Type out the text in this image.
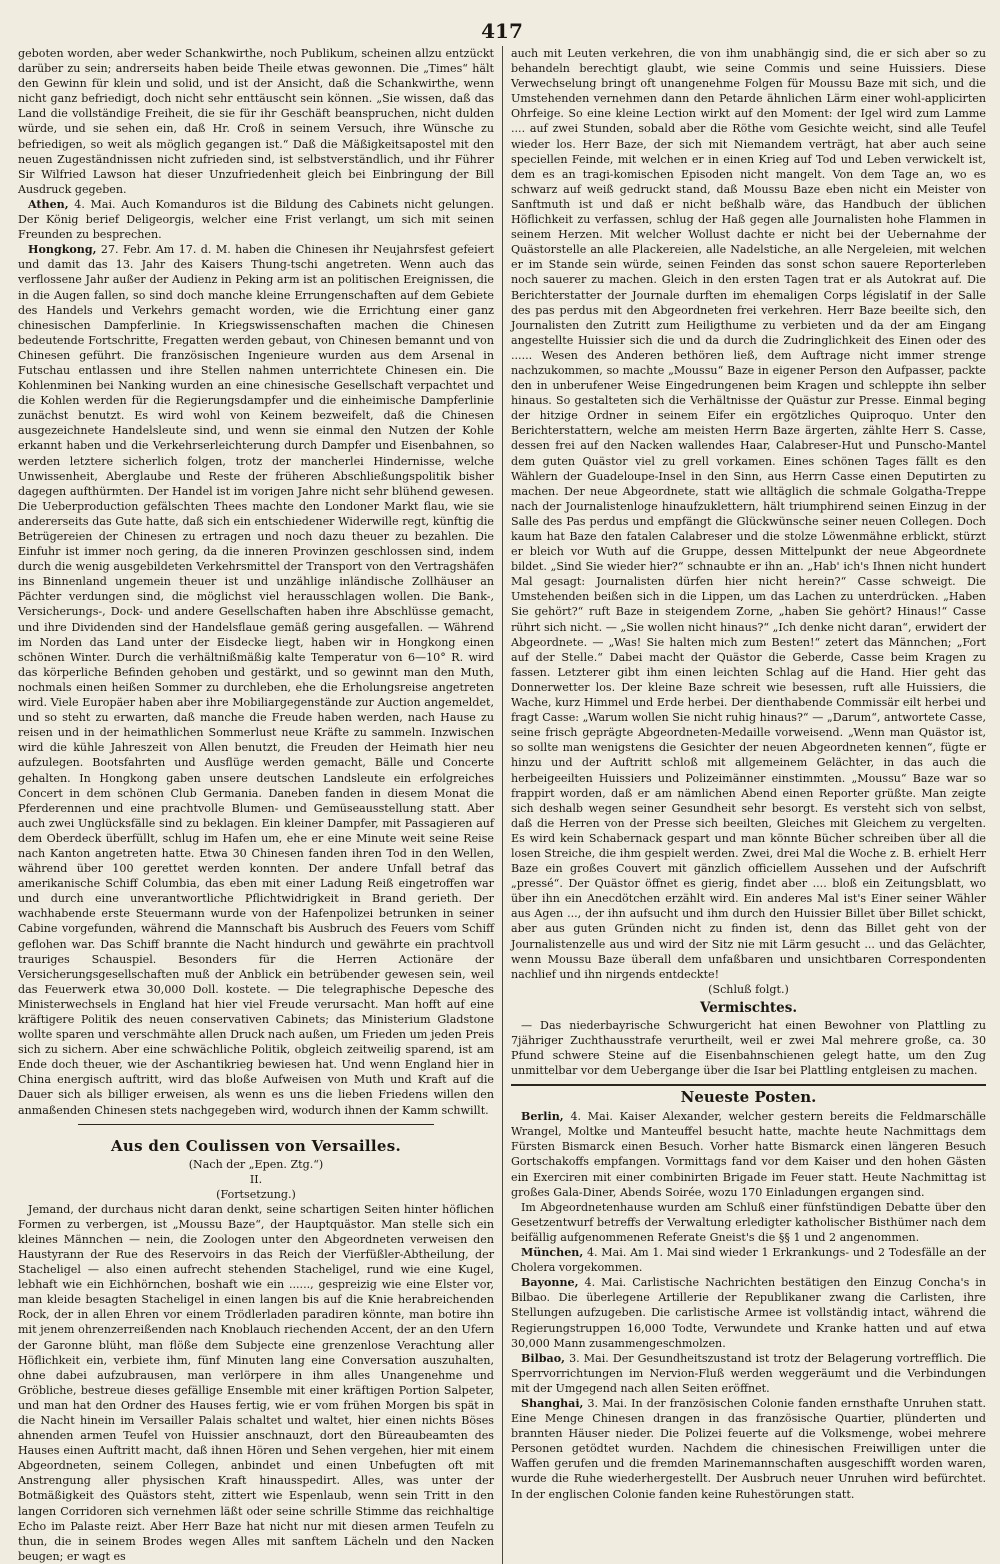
417

geboten worden, aber weder Schankwirthe, noch Publikum, scheinen allzu entzückt darüber zu sein; andrerseits haben beide Theile etwas gewonnen. Die „Times“ hält den Gewinn für klein und solid, und ist der Ansicht, daß die Schankwirthe, wenn nicht ganz befriedigt, doch nicht sehr enttäuscht sein können. „Sie wissen, daß das Land die vollständige Freiheit, die sie für ihr Geschäft beanspruchen, nicht dulden würde, und sie sehen ein, daß Hr. Croß in seinem Versuch, ihre Wünsche zu befriedigen, so weit als möglich gegangen ist.“ Daß die Mäßigkeitsapostel mit den neuen Zugeständnissen nicht zufrieden sind, ist selbstverständlich, und ihr Führer Sir Wilfried Lawson hat dieser Unzufriedenheit gleich bei Einbringung der Bill Ausdruck gegeben.

Athen, 4. Mai. Auch Komanduros ist die Bildung des Cabinets nicht gelungen. Der König berief Deligeorgis, welcher eine Frist verlangt, um sich mit seinen Freunden zu besprechen.

Hongkong, 27. Febr. Am 17. d. M. haben die Chinesen ihr Neujahrsfest gefeiert und damit das 13. Jahr des Kaisers Thung-tschi angetreten. Wenn auch das verflossene Jahr außer der Audienz in Peking arm ist an politischen Ereignissen, die in die Augen fallen, so sind doch manche kleine Errungenschaften auf dem Gebiete des Handels und Verkehrs gemacht worden, wie die Errichtung einer ganz chinesischen Dampferlinie. In Kriegswissenschaften machen die Chinesen bedeutende Fortschritte, Fregatten werden gebaut, von Chinesen bemannt und von Chinesen geführt. Die französischen Ingenieure wurden aus dem Arsenal in Futschau entlassen und ihre Stellen nahmen unterrichtete Chinesen ein. Die Kohlenminen bei Nanking wurden an eine chinesische Gesellschaft verpachtet und die Kohlen werden für die Regierungsdampfer und die einheimische Dampferlinie zunächst benutzt. Es wird wohl von Keinem bezweifelt, daß die Chinesen ausgezeichnete Handelsleute sind, und wenn sie einmal den Nutzen der Kohle erkannt haben und die Verkehrserleichterung durch Dampfer und Eisenbahnen, so werden letztere sicherlich folgen, trotz der mancherlei Hindernisse, welche Unwissenheit, Aberglaube und Reste der früheren Abschließungspolitik bisher dagegen aufthürmten. Der Handel ist im vorigen Jahre nicht sehr blühend gewesen. Die Ueberproduction gefälschten Thees machte den Londoner Markt flau, wie sie andererseits das Gute hatte, daß sich ein entschiedener Widerwille regt, künftig die Betrügereien der Chinesen zu ertragen und noch dazu theuer zu bezahlen. Die Einfuhr ist immer noch gering, da die inneren Provinzen geschlossen sind, indem durch die wenig ausgebildeten Verkehrsmittel der Transport von den Vertragshäfen ins Binnenland ungemein theuer ist und unzählige inländische Zollhäuser an Pächter verdungen sind, die möglichst viel herausschlagen wollen. Die Bank-, Versicherungs-, Dock- und andere Gesellschaften haben ihre Abschlüsse gemacht, und ihre Dividenden sind der Handelsflaue gemäß gering ausgefallen. — Während im Norden das Land unter der Eisdecke liegt, haben wir in Hongkong einen schönen Winter. Durch die verhältnißmäßig kalte Temperatur von 6—10° R. wird das körperliche Befinden gehoben und gestärkt, und so gewinnt man den Muth, nochmals einen heißen Sommer zu durchleben, ehe die Erholungsreise angetreten wird. Viele Europäer haben aber ihre Mobiliargegenstände zur Auction angemeldet, und so steht zu erwarten, daß manche die Freude haben werden, nach Hause zu reisen und in der heimathlichen Sommerlust neue Kräfte zu sammeln. Inzwischen wird die kühle Jahreszeit von Allen benutzt, die Freuden der Heimath hier neu aufzulegen. Bootsfahrten und Ausflüge werden gemacht, Bälle und Concerte gehalten. In Hongkong gaben unsere deutschen Landsleute ein erfolgreiches Concert in dem schönen Club Germania. Daneben fanden in diesem Monat die Pferderennen und eine prachtvolle Blumen- und Gemüseausstellung statt. Aber auch zwei Unglücksfälle sind zu beklagen. Ein kleiner Dampfer, mit Passagieren auf dem Oberdeck überfüllt, schlug im Hafen um, ehe er eine Minute weit seine Reise nach Kanton angetreten hatte. Etwa 30 Chinesen fanden ihren Tod in den Wellen, während über 100 gerettet werden konnten. Der andere Unfall betraf das amerikanische Schiff Columbia, das eben mit einer Ladung Reiß eingetroffen war und durch eine unverantwortliche Pflichtwidrigkeit in Brand gerieth. Der wachhabende erste Steuermann wurde von der Hafenpolizei betrunken in seiner Cabine vorgefunden, während die Mannschaft bis Ausbruch des Feuers vom Schiff geflohen war. Das Schiff brannte die Nacht hindurch und gewährte ein prachtvoll trauriges Schauspiel. Besonders für die Herren Actionäre der Versicherungsgesellschaften muß der Anblick ein betrübender gewesen sein, weil das Feuerwerk etwa 30,000 Doll. kostete. — Die telegraphische Depesche des Ministerwechsels in England hat hier viel Freude verursacht. Man hofft auf eine kräftigere Politik des neuen conservativen Cabinets; das Ministerium Gladstone wollte sparen und verschmähte allen Druck nach außen, um Frieden um jeden Preis sich zu sichern. Aber eine schwächliche Politik, obgleich zeitweilig sparend, ist am Ende doch theuer, wie der Aschantikrieg bewiesen hat. Und wenn England hier in China energisch auftritt, wird das bloße Aufweisen von Muth und Kraft auf die Dauer sich als billiger erweisen, als wenn es uns die lieben Friedens willen den anmaßenden Chinesen stets nachgegeben wird, wodurch ihnen der Kamm schwillt.

Aus den Coulissen von Versailles.
(Nach der „Epen. Ztg.“)
II.
(Fortsetzung.)

Jemand, der durchaus nicht daran denkt, seine schartigen Seiten hinter höflichen Formen zu verbergen, ist „Moussu Baze“, der Hauptquästor. Man stelle sich ein kleines Männchen — nein, die Zoologen unter den Abgeordneten verweisen den Haustyrann der Rue des Reservoirs in das Reich der Vierfüßler-Abtheilung, der Stacheligel — also einen aufrecht stehenden Stacheligel, rund wie eine Kugel, lebhaft wie ein Eichhörnchen, boshaft wie ein ......, gespreizig wie eine Elster vor, man kleide besagten Stacheligel in einen langen bis auf die Knie herabreichenden Rock, der in allen Ehren vor einem Trödlerladen paradiren könnte, man botire ihn mit jenem ohrenzerreißenden nach Knoblauch riechenden Accent, der an den Ufern der Garonne blüht, man flöße dem Subjecte eine grenzenlose Verachtung aller Höflichkeit ein, verbiete ihm, fünf Minuten lang eine Conversation auszuhalten, ohne dabei aufzubrausen, man verlörpere in ihm alles Unangenehme und Gröbliche, bestreue dieses gefällige Ensemble mit einer kräftigen Portion Salpeter, und man hat den Ordner des Hauses fertig, wie er vom frühen Morgen bis spät in die Nacht hinein im Versailler Palais schaltet und waltet, hier einen nichts Böses ahnenden armen Teufel von Huissier anschnauzt, dort den Büreaubeamten des Hauses einen Auftritt macht, daß ihnen Hören und Sehen vergehen, hier mit einem Abgeordneten, seinem Collegen, anbindet und einen Unbefugten oft mit Anstrengung aller physischen Kraft hinausspedirt. Alles, was unter der Botmäßigkeit des Quästors steht, zittert wie Espenlaub, wenn sein Tritt in den langen Corridoren sich vernehmen läßt oder seine schrille Stimme das reichhaltige Echo im Palaste reizt. Aber Herr Baze hat nicht nur mit diesen armen Teufeln zu thun, die in seinem Brodes wegen Alles mit sanftem Lächeln und den Nacken beugen; er wagt es

auch mit Leuten verkehren, die von ihm unabhängig sind, die er sich aber so zu behandeln berechtigt glaubt, wie seine Commis und seine Huissiers. Diese Verwechselung bringt oft unangenehme Folgen für Moussu Baze mit sich, und die Umstehenden vernehmen dann den Petarde ähnlichen Lärm einer wohl-applicirten Ohrfeige. So eine kleine Lection wirkt auf den Moment: der Igel wird zum Lamme .... auf zwei Stunden, sobald aber die Röthe vom Gesichte weicht, sind alle Teufel wieder los. Herr Baze, der sich mit Niemandem verträgt, hat aber auch seine speciellen Feinde, mit welchen er in einen Krieg auf Tod und Leben verwickelt ist, dem es an tragi-komischen Episoden nicht mangelt. Von dem Tage an, wo es schwarz auf weiß gedruckt stand, daß Moussu Baze eben nicht ein Meister von Sanftmuth ist und daß er nicht beßhalb wäre, das Handbuch der üblichen Höflichkeit zu verfassen, schlug der Haß gegen alle Journalisten hohe Flammen in seinem Herzen. Mit welcher Wollust dachte er nicht bei der Uebernahme der Quästorstelle an alle Plackereien, alle Nadelstiche, an alle Nergeleien, mit welchen er im Stande sein würde, seinen Feinden das sonst schon sauere Reporterleben noch sauerer zu machen. Gleich in den ersten Tagen trat er als Autokrat auf. Die Berichterstatter der Journale durften im ehemaligen Corps législatif in der Salle des pas perdus mit den Abgeordneten frei verkehren. Herr Baze beeilte sich, den Journalisten den Zutritt zum Heiligthume zu verbieten und da der am Eingang angestellte Huissier sich die und da durch die Zudringlichkeit des Einen oder des ...... Wesen des Anderen bethören ließ, dem Auftrage nicht immer strenge nachzukommen, so machte „Moussu“ Baze in eigener Person den Aufpasser, packte den in unberufener Weise Eingedrungenen beim Kragen und schleppte ihn selber hinaus. So gestalteten sich die Verhältnisse der Quästur zur Presse. Einmal beging der hitzige Ordner in seinem Eifer ein ergötzliches Quiproquo. Unter den Berichterstattern, welche am meisten Herrn Baze ärgerten, zählte Herr S. Casse, dessen frei auf den Nacken wallendes Haar, Calabreser-Hut und Punscho-Mantel dem guten Quästor viel zu grell vorkamen. Eines schönen Tages fällt es den Wählern der Guadeloupe-Insel in den Sinn, aus Herrn Casse einen Deputirten zu machen. Der neue Abgeordnete, statt wie alltäglich die schmale Golgatha-Treppe nach der Journalistenloge hinaufzuklettern, hält triumphirend seinen Einzug in der Salle des Pas perdus und empfängt die Glückwünsche seiner neuen Collegen. Doch kaum hat Baze den fatalen Calabreser und die stolze Löwenmähne erblickt, stürzt er bleich vor Wuth auf die Gruppe, dessen Mittelpunkt der neue Abgeordnete bildet. „Sind Sie wieder hier?“ schnaubte er ihn an. „Hab' ich's Ihnen nicht hundert Mal gesagt: Journalisten dürfen hier nicht herein?“ Casse schweigt. Die Umstehenden beißen sich in die Lippen, um das Lachen zu unterdrücken. „Haben Sie gehört?“ ruft Baze in steigendem Zorne, „haben Sie gehört? Hinaus!“ Casse rührt sich nicht. — „Sie wollen nicht hinaus?“ „Ich denke nicht daran“, erwidert der Abgeordnete. — „Was! Sie halten mich zum Besten!“ zetert das Männchen; „Fort auf der Stelle.“ Dabei macht der Quästor die Geberde, Casse beim Kragen zu fassen. Letzterer gibt ihm einen leichten Schlag auf die Hand. Hier geht das Donnerwetter los. Der kleine Baze schreit wie besessen, ruft alle Huissiers, die Wache, kurz Himmel und Erde herbei. Der dienthabende Commissär eilt herbei und fragt Casse: „Warum wollen Sie nicht ruhig hinaus?“ — „Darum“, antwortete Casse, seine frisch geprägte Abgeordneten-Medaille vorweisend. „Wenn man Quästor ist, so sollte man wenigstens die Gesichter der neuen Abgeordneten kennen“, fügte er hinzu und der Auftritt schloß mit allgemeinem Gelächter, in das auch die herbeigeeilten Huissiers und Polizeimänner einstimmten. „Moussu“ Baze war so frappirt worden, daß er am nämlichen Abend einen Reporter grüßte. Man zeigte sich deshalb wegen seiner Gesundheit sehr besorgt. Es versteht sich von selbst, daß die Herren von der Presse sich beeilten, Gleiches mit Gleichem zu vergelten. Es wird kein Schabernack gespart und man könnte Bücher schreiben über all die losen Streiche, die ihm gespielt werden. Zwei, drei Mal die Woche z. B. erhielt Herr Baze ein großes Couvert mit gänzlich officiellem Aussehen und der Aufschrift „pressé“. Der Quästor öffnet es gierig, findet aber .... bloß ein Zeitungsblatt, wo über ihn ein Anecdötchen erzählt wird. Ein anderes Mal ist's Einer seiner Wähler aus Agen ..., der ihn aufsucht und ihm durch den Huissier Billet über Billet schickt, aber aus guten Gründen nicht zu finden ist, denn das Billet geht von der Journalistenzelle aus und wird der Sitz nie mit Lärm gesucht ... und das Gelächter, wenn Moussu Baze überall dem unfaßbaren und unsichtbaren Correspondenten nachlief und ihn nirgends entdeckte!

(Schluß folgt.)

Vermischtes.

— Das niederbayrische Schwurgericht hat einen Bewohner von Plattling zu 7jähriger Zuchthausstrafe verurtheilt, weil er zwei Mal mehrere große, ca. 30 Pfund schwere Steine auf die Eisenbahnschienen gelegt hatte, um den Zug unmittelbar vor dem Uebergange über die Isar bei Plattling entgleisen zu machen.

Neueste Posten.

Berlin, 4. Mai. Kaiser Alexander, welcher gestern bereits die Feldmarschälle Wrangel, Moltke und Manteuffel besucht hatte, machte heute Nachmittags dem Fürsten Bismarck einen Besuch. Vorher hatte Bismarck einen längeren Besuch Gortschakoffs empfangen. Vormittags fand vor dem Kaiser und den hohen Gästen ein Exerciren mit einer combinirten Brigade im Feuer statt. Heute Nachmittag ist großes Gala-Diner, Abends Soirée, wozu 170 Einladungen ergangen sind.

Im Abgeordnetenhause wurden am Schluß einer fünfstündigen Debatte über den Gesetzentwurf betreffs der Verwaltung erledigter katholischer Bisthümer nach dem beifällig aufgenommenen Referate Gneist's die §§ 1 und 2 angenommen.

München, 4. Mai. Am 1. Mai sind wieder 1 Erkrankungs- und 2 Todesfälle an der Cholera vorgekommen.

Bayonne, 4. Mai. Carlistische Nachrichten bestätigen den Einzug Concha's in Bilbao. Die überlegene Artillerie der Republikaner zwang die Carlisten, ihre Stellungen aufzugeben. Die carlistische Armee ist vollständig intact, während die Regierungstruppen 16,000 Todte, Verwundete und Kranke hatten und auf etwa 30,000 Mann zusammengeschmolzen.

Bilbao, 3. Mai. Der Gesundheitszustand ist trotz der Belagerung vortrefflich. Die Sperrvorrichtungen im Nervion-Fluß werden weggeräumt und die Verbindungen mit der Umgegend nach allen Seiten eröffnet.

Shanghai, 3. Mai. In der französischen Colonie fanden ernsthafte Unruhen statt. Eine Menge Chinesen drangen in das französische Quartier, plünderten und brannten Häuser nieder. Die Polizei feuerte auf die Volksmenge, wobei mehrere Personen getödtet wurden. Nachdem die chinesischen Freiwilligen unter die Waffen gerufen und die fremden Marinemannschaften ausgeschifft worden waren, wurde die Ruhe wiederhergestellt. Der Ausbruch neuer Unruhen wird befürchtet. In der englischen Colonie fanden keine Ruhestörungen statt.
